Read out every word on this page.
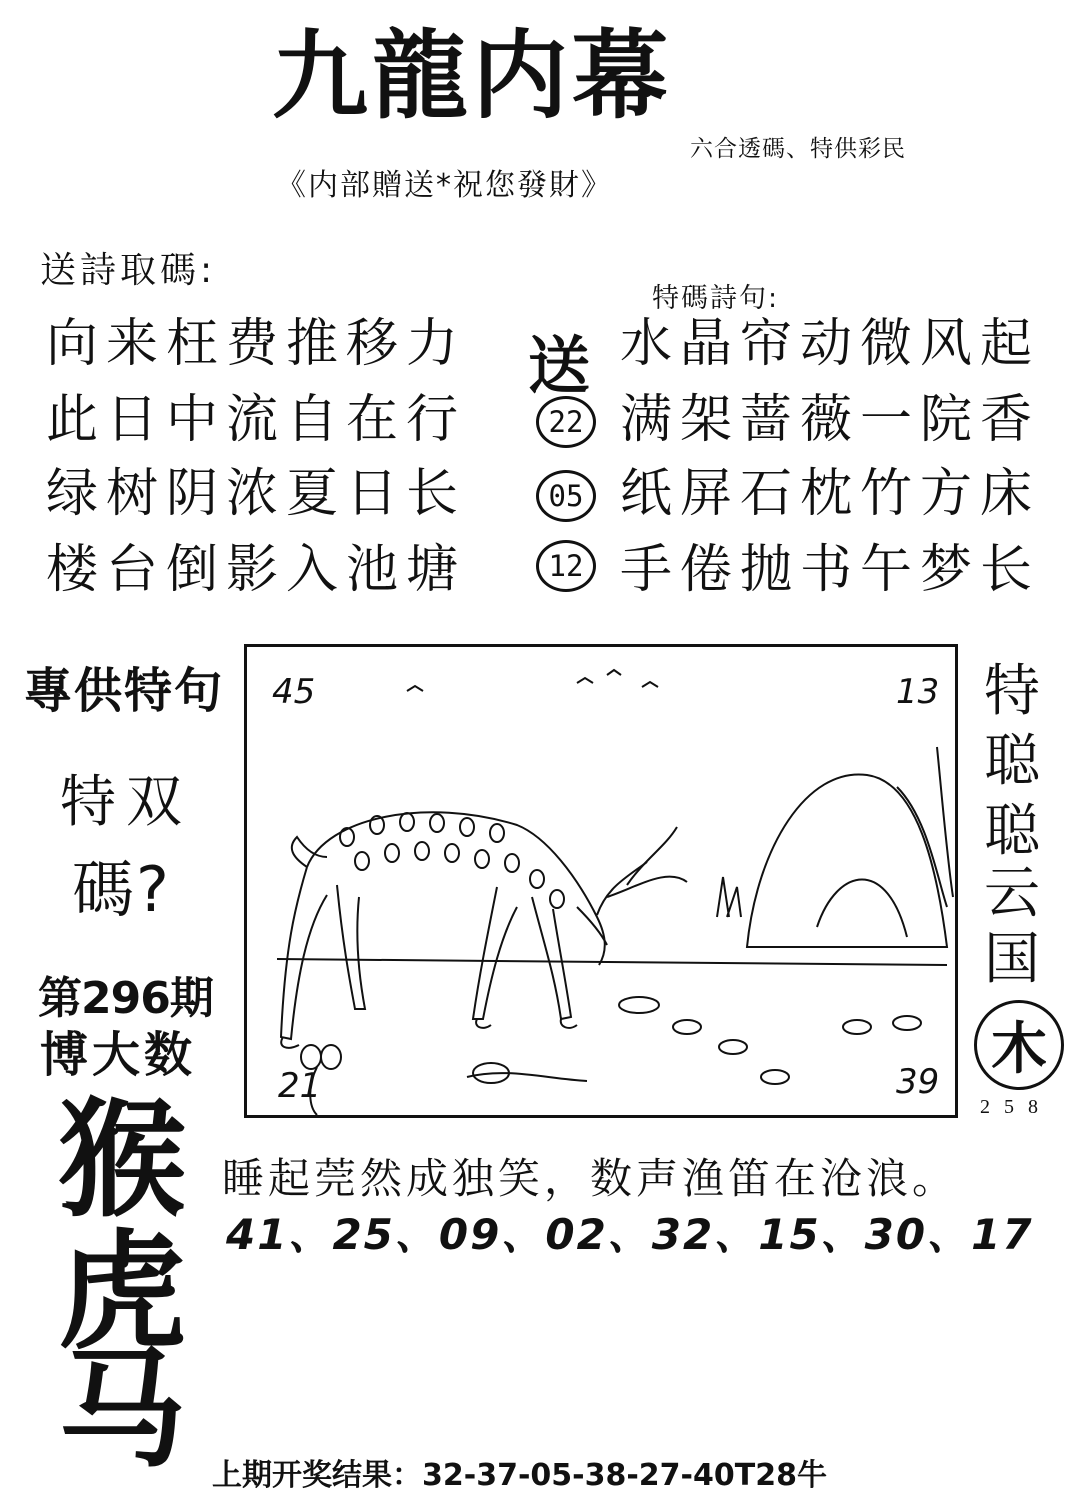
九龍内幕
六合透碼、特供彩民
《内部贈送*祝您發財》
送詩取碼:
向来枉费推移力
此日中流自在行
绿树阴浓夏日长
楼台倒影入池塘
特碼詩句:
送
22
05
12
水晶帘动微风起
满架蔷薇一院香
纸屏石枕竹方床
手倦抛书午梦长
專供特句
特双
碼?
第296期
博大数
猴
虎
马
45	13
21	39
特
聪
聪
云
国
木
258
睡起莞然成独笑，数声渔笛在沧浪。
41、25、09、02、32、15、30、17
上期开奖结果：32-37-05-38-27-40T28牛
